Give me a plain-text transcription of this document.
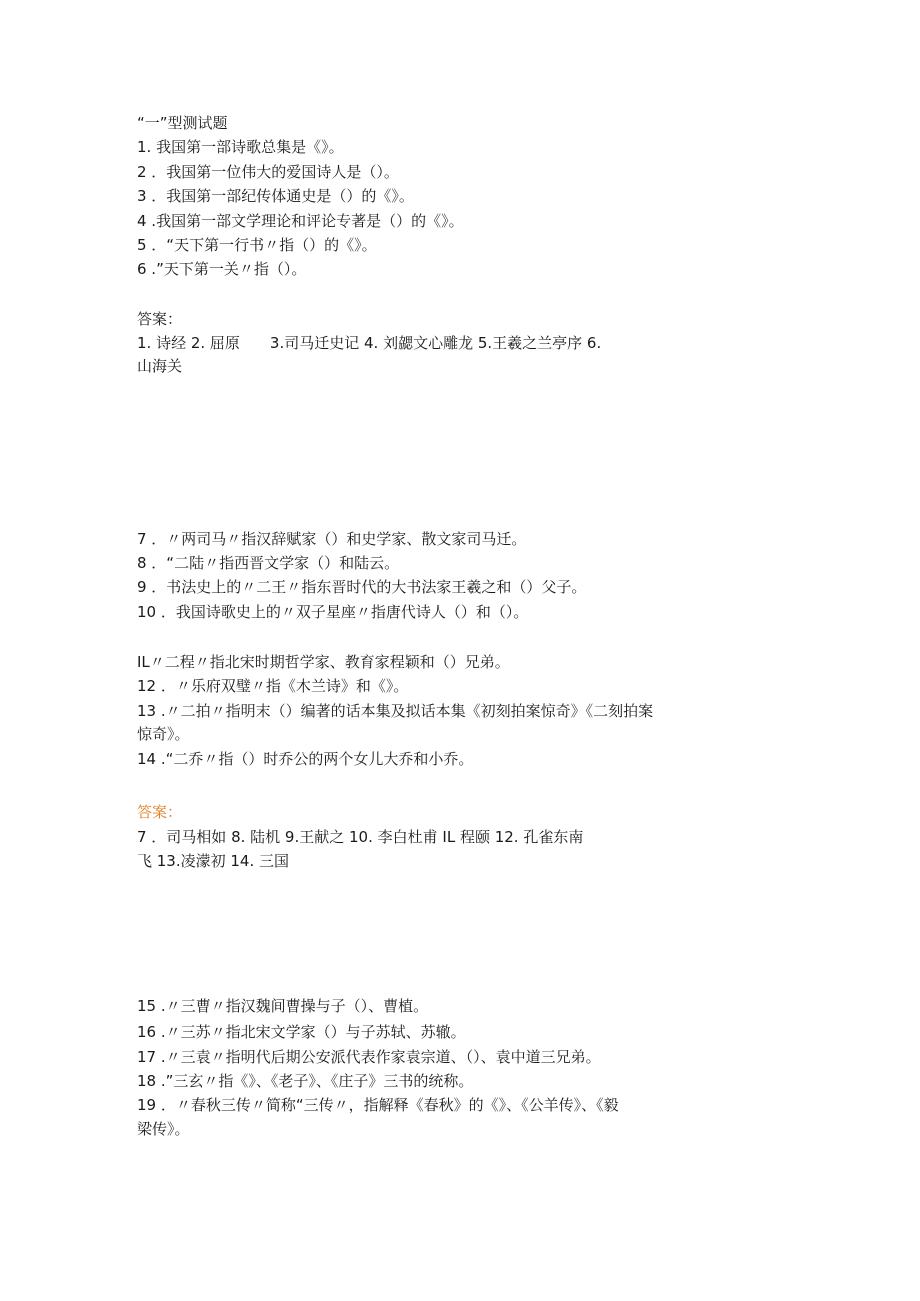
“一”型测试题
1. 我国第一部诗歌总集是《》。
2 ．我国第一位伟大的爱国诗人是（）。
3 ．我国第一部纪传体通史是（）的《》。
4 .我国第一部文学理论和评论专著是（）的《》。
5 ．“天下第一行书〃指（）的《》。
6 .”天下第一关〃指（）。
答案：
1. 诗经 2. 屈原　　3.司马迁史记 4. 刘勰文心雕龙 5.王羲之兰亭序 6.
山海关
7 ．〃两司马〃指汉辞赋家（）和史学家、散文家司马迁。
8 ．“二陆〃指西晋文学家（）和陆云。
9 ．书法史上的〃二王〃指东晋时代的大书法家王羲之和（）父子。
10 ．我国诗歌史上的〃双子星座〃指唐代诗人（）和（）。
IL〃二程〃指北宋时期哲学家、教育家程颖和（）兄弟。
12 ．〃乐府双璧〃指《木兰诗》和《》。
13 .〃二拍〃指明末（）编著的话本集及拟话本集《初刻拍案惊奇》《二刻拍案
惊奇》。
14 .“二乔〃指（）时乔公的两个女儿大乔和小乔。
答案：
7 ．司马相如 8. 陆机 9.王献之 10. 李白杜甫 IL 程颐 12. 孔雀东南
飞 13.凌濛初 14. 三国
15 .〃三曹〃指汉魏间曹操与子（）、曹植。
16 .〃三苏〃指北宋文学家（）与子苏轼、苏辙。
17 .〃三袁〃指明代后期公安派代表作家袁宗道、（）、袁中道三兄弟。
18 .”三玄〃指《》、《老子》、《庄子》三书的统称。
19 ．〃春秋三传〃简称“三传〃，指解释《春秋》的《》、《公羊传》、《毅
梁传》。
